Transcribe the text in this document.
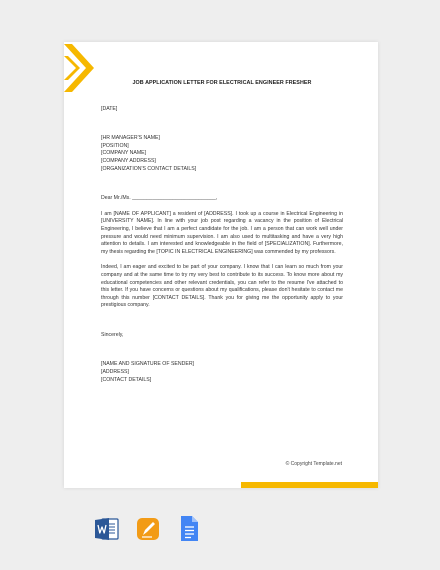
JOB APPLICATION LETTER FOR ELECTRICAL ENGINEER FRESHER
[DATE]
[HR MANAGER'S NAME]
[POSITION]
[COMPANY NAME]
[COMPANY ADDRESS]
[ORGANIZATION'S CONTACT DETAILS]
Dear Mr./Ms. _____________________________,

I am [NAME OF APPLICANT] a resident of [ADDRESS]. I took up a course in Electrical Engineering in [UNIVERSITY NAME]. In line with your job post regarding a vacancy in the position of Electrical Engineering, I believe that I am a perfect candidate for the job. I am a person that can work well under pressure and would need minimum supervision. I am also used to multitasking and have a very high attention to details. I am interested and knowledgeable in the field of [SPECIALIZATION]. Furthermore, my thesis regarding the [TOPIC IN ELECTRICAL ENGINEERING] was commended by my professors.

Indeed, I am eager and excited to be part of your company. I know that I can learn so much from your company and at the same time to try my very best to contribute to its success. To know more about my educational competencies and other relevant credentials, you can refer to the resume I've attached to this letter. If you have concerns or questions about my qualifications, please don't hesitate to contact me through this number [CONTACT DETAILS]. Thank you for giving me the opportunity apply to your prestigious company.

Sincerely,
[NAME AND SIGNATURE OF SENDER]
[ADDRESS]
[CONTACT DETAILS]
© Copyright Template.net
